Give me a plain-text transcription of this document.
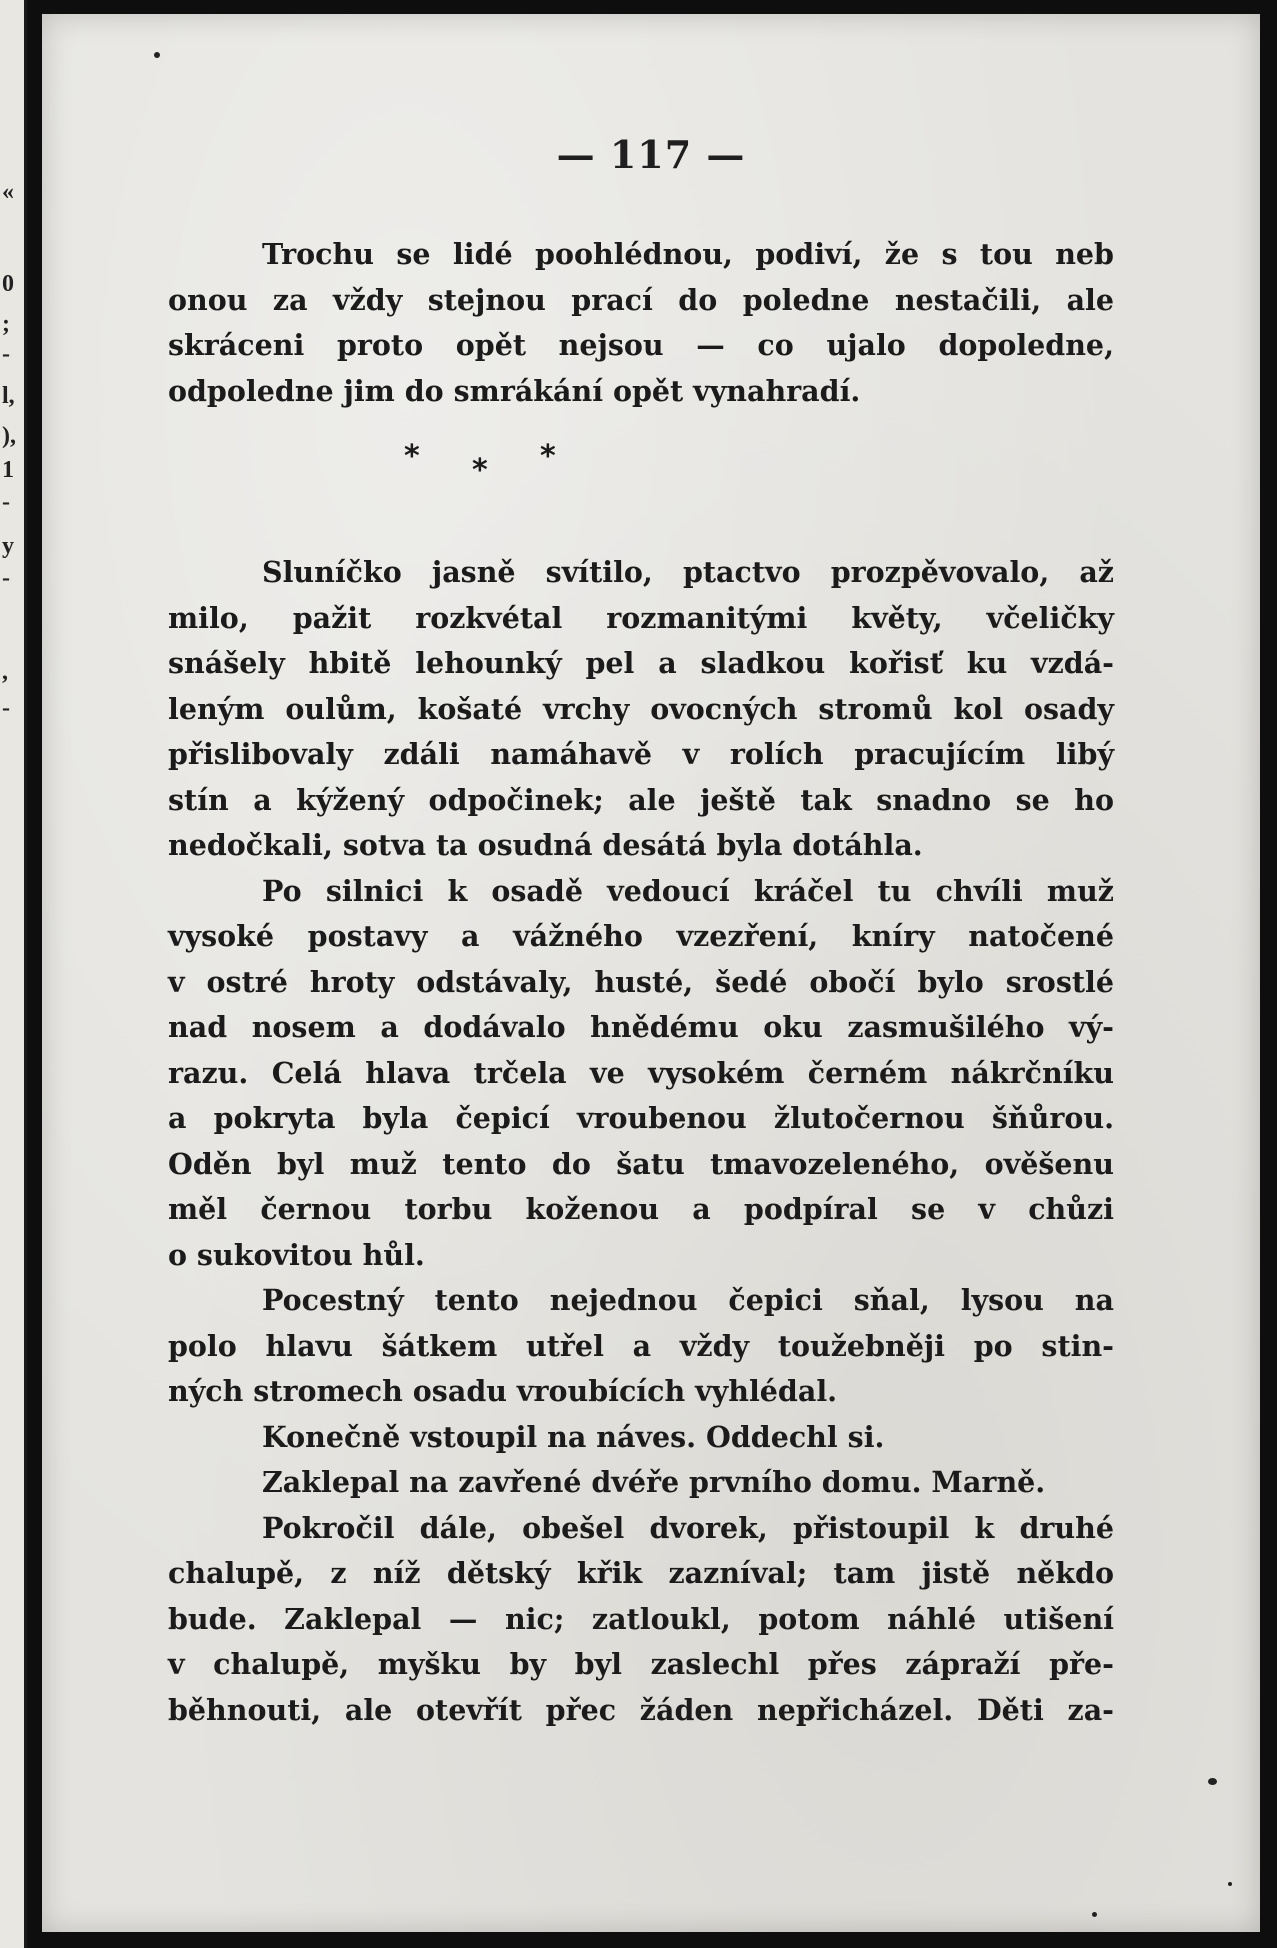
«
0
;
-
l,
),
1
-
y
-
,
-
— 117 —
Trochu se lidé poohlédnou, podiví, že s tou neb
onou za vždy stejnou prací do poledne nestačili, ale
skráceni proto opět nejsou — co ujalo dopoledne,
odpoledne jim do smrákání opět vynahradí.
* * *
Sluníčko jasně svítilo, ptactvo prozpěvovalo, až
milo, pažit rozkvétal rozmanitými květy, včeličky
snášely hbitě lehounký pel a sladkou kořisť ku vzdá-
leným oulům, košaté vrchy ovocných stromů kol osady
přislibovaly zdáli namáhavě v rolích pracujícím libý
stín a kýžený odpočinek; ale ještě tak snadno se ho
nedočkali, sotva ta osudná desátá byla dotáhla.
Po silnici k osadě vedoucí kráčel tu chvíli muž
vysoké postavy a vážného vzezření, kníry natočené
v ostré hroty odstávaly, husté, šedé obočí bylo srostlé
nad nosem a dodávalo hnědému oku zasmušilého vý-
razu. Celá hlava trčela ve vysokém černém nákrčníku
a pokryta byla čepicí vroubenou žlutočernou šňůrou.
Oděn byl muž tento do šatu tmavozeleného, ověšenu
měl černou torbu koženou a podpíral se v chůzi
o sukovitou hůl.
Pocestný tento nejednou čepici sňal, lysou na
polo hlavu šátkem utřel a vždy toužebněji po stin-
ných stromech osadu vroubících vyhlédal.
Konečně vstoupil na náves. Oddechl si.
Zaklepal na zavřené dvéře prvního domu. Marně.
Pokročil dále, obešel dvorek, přistoupil k druhé
chalupě, z níž dětský křik zazníval; tam jistě někdo
bude. Zaklepal — nic; zatloukl, potom náhlé utišení
v chalupě, myšku by byl zaslechl přes zápraží pře-
běhnouti, ale otevřít přec žáden nepřicházel. Děti za-
